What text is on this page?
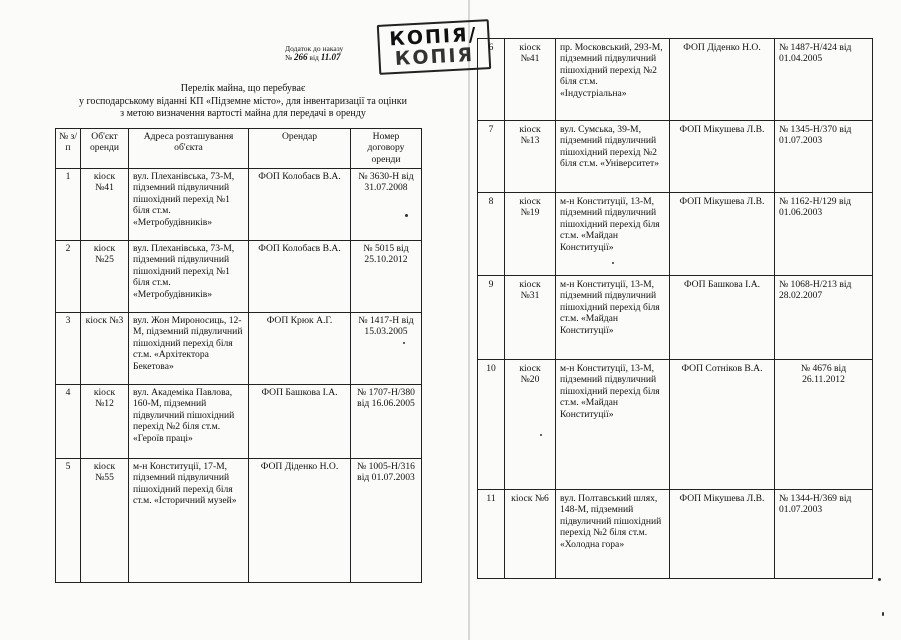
Додаток до наказу
№ 266 від 11.07
КОПІЯ/
КОПІЯ
Перелік майна, що перебуває
у господарському віданні КП «Підземне місто», для інвентаризації та оцінки
з метою визначення вартості майна для передачі в оренду
№ з/п	Об'єкт оренди	Адреса розташування об'єкта	Орендар	Номер договору оренди
1	кіоск №41	вул. Плеханівська, 73-М, підземний підвуличний пішохідний перехід №1 біля ст.м. «Метробудівників»	ФОП Колобаєв В.А.	№ 3630-Н від 31.07.2008
2	кіоск №25	вул. Плеханівська, 73-М, підземний підвуличний пішохідний перехід №1 біля ст.м. «Метробудівників»	ФОП Колобаєв В.А.	№ 5015 від 25.10.2012
3	кіоск №3	вул. Жон Мироносиць, 12-М, підземний підвуличний пішохідний перехід біля ст.м. «Архітектора Бекетова»	ФОП Крюк А.Г.	№ 1417-Н від 15.03.2005
4	кіоск №12	вул. Академіка Павлова, 160-М, підземний підвуличний пішохідний перехід №2 біля ст.м. «Героїв праці»	ФОП Башкова І.А.	№ 1707-Н/380 від 16.06.2005
5	кіоск №55	м-н Конституції, 17-М, підземний підвуличний пішохідний перехід біля ст.м. «Історичний музей»	ФОП Діденко Н.О.	№ 1005-Н/316 від 01.07.2003
6	кіоск №41	пр. Московський, 293-М, підземний підвуличний пішохідний перехід №2 біля ст.м. «Індустріальна»	ФОП Діденко Н.О.	№ 1487-Н/424 від 01.04.2005
7	кіоск №13	вул. Сумська, 39-М, підземний підвуличний пішохідний перехід №2 біля ст.м. «Університет»	ФОП Мікушева Л.В.	№ 1345-Н/370 від 01.07.2003
8	кіоск №19	м-н Конституції, 13-М, підземний підвуличний пішохідний перехід біля ст.м. «Майдан Конституції»	ФОП Мікушева Л.В.	№ 1162-Н/129 від 01.06.2003
9	кіоск №31	м-н Конституції, 13-М, підземний підвуличний пішохідний перехід біля ст.м. «Майдан Конституції»	ФОП Башкова І.А.	№ 1068-Н/213 від 28.02.2007
10	кіоск №20	м-н Конституції, 13-М, підземний підвуличний пішохідний перехід біля ст.м. «Майдан Конституції»	ФОП Сотніков В.А.	№ 4676 від 26.11.2012
11	кіоск №6	вул. Полтавський шлях, 148-М, підземний підвуличний пішохідний перехід №2 біля ст.м. «Холодна гора»	ФОП Мікушева Л.В.	№ 1344-Н/369 від 01.07.2003
